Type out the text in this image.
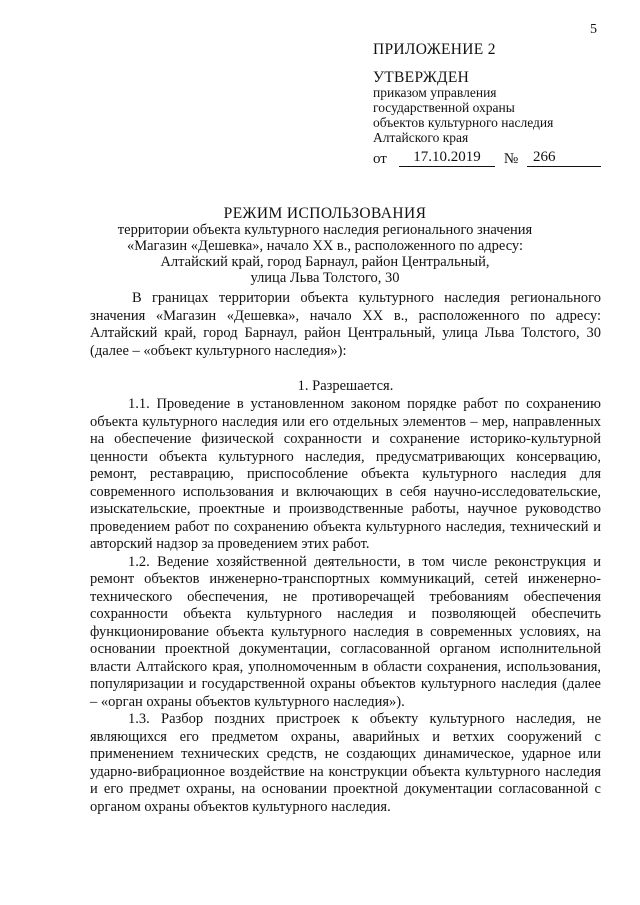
5
ПРИЛОЖЕНИЕ 2
УТВЕРЖДЕН
приказом управления
государственной охраны
объектов культурного наследия
Алтайского края
от	17.10.2019	№ 266
РЕЖИМ ИСПОЛЬЗОВАНИЯ
территории объекта культурного наследия регионального значения
«Магазин «Дешевка», начало XX в., расположенного по адресу:
Алтайский край, город Барнаул, район Центральный,
улица Льва Толстого, 30

В границах территории объекта культурного наследия регионального значения «Магазин «Дешевка», начало XX в., расположенного по адресу: Алтайский край, город Барнаул, район Центральный, улица Льва Толстого, 30 (далее – «объект культурного наследия»):

1. Разрешается.

1.1. Проведение в установленном законом порядке работ по сохранению объекта культурного наследия или его отдельных элементов – мер, направленных на обеспечение физической сохранности и сохранение историко-культурной ценности объекта культурного наследия, предусматривающих консервацию, ремонт, реставрацию, приспособление объекта культурного наследия для современного использования и включающих в себя научно-исследовательские, изыскательские, проектные и производственные работы, научное руководство проведением работ по сохранению объекта культурного наследия, технический и авторский надзор за проведением этих работ.

1.2. Ведение хозяйственной деятельности, в том числе реконструкция и ремонт объектов инженерно-транспортных коммуникаций, сетей инженерно-технического обеспечения, не противоречащей требованиям обеспечения сохранности объекта культурного наследия и позволяющей обеспечить функционирование объекта культурного наследия в современных условиях, на основании проектной документации, согласованной органом исполнительной власти Алтайского края, уполномоченным в области сохранения, использования, популяризации и государственной охраны объектов культурного наследия (далее – «орган охраны объектов культурного наследия»).

1.3. Разбор поздних пристроек к объекту культурного наследия, не являющихся его предметом охраны, аварийных и ветхих сооружений с применением технических средств, не создающих динамическое, ударное или ударно-вибрационное воздействие на конструкции объекта культурного наследия и его предмет охраны, на основании проектной документации согласованной с органом охраны объектов культурного наследия.
